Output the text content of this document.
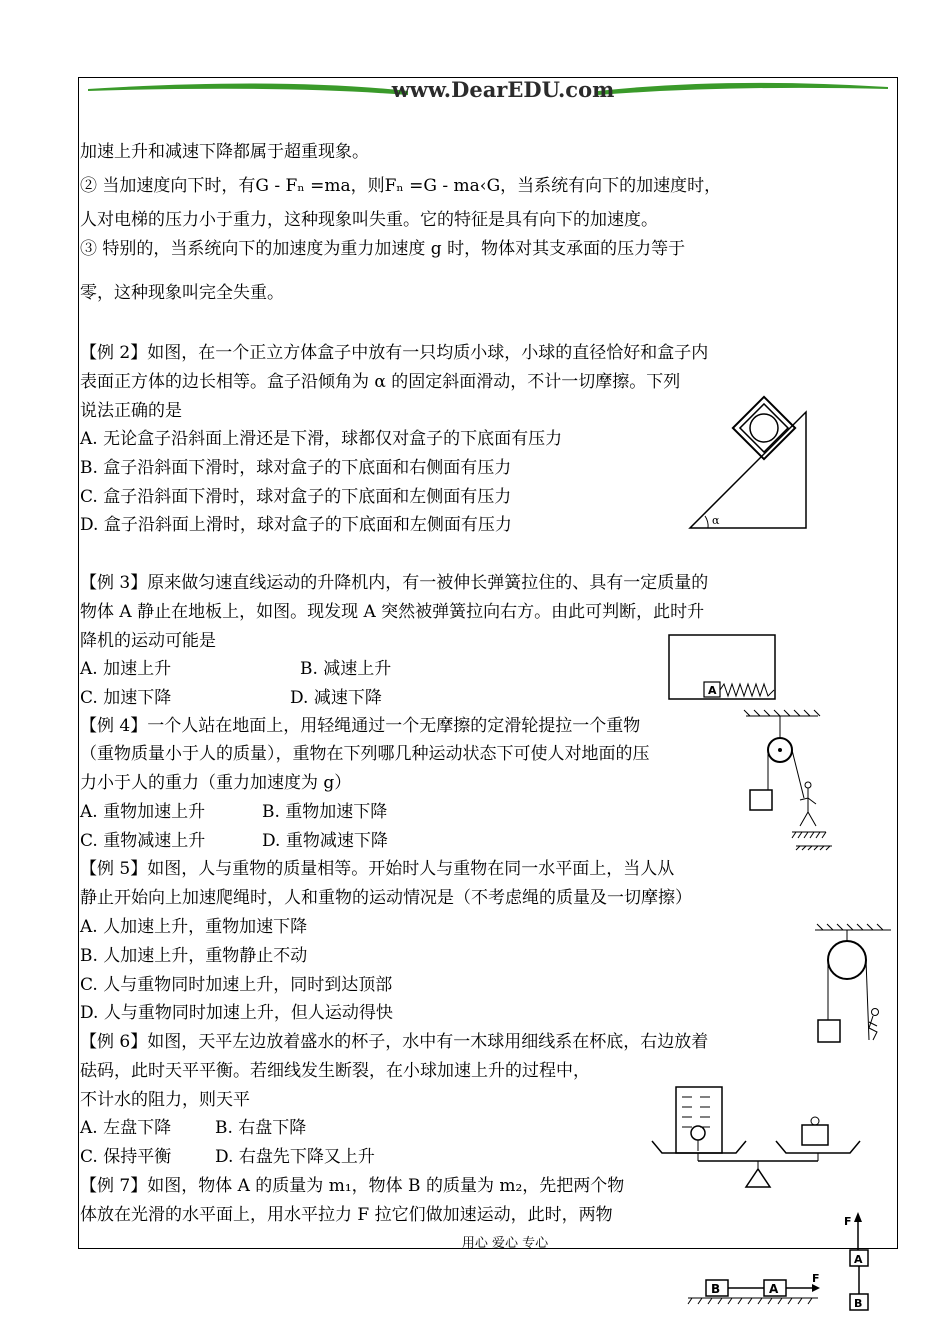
www.DearEDU.com
加速上升和减速下降都属于超重现象。
② 当加速度向下时，有G - Fₙ =ma，则Fₙ =G - ma‹G，当系统有向下的加速度时，
人对电梯的压力小于重力，这种现象叫失重。它的特征是具有向下的加速度。
③ 特别的，当系统向下的加速度为重力加速度 g 时，物体对其支承面的压力等于
零，这种现象叫完全失重。
【例 2】如图，在一个正立方体盒子中放有一只均质小球，小球的直径恰好和盒子内
表面正方体的边长相等。盒子沿倾角为 α 的固定斜面滑动，不计一切摩擦。下列
说法正确的是
A. 无论盒子沿斜面上滑还是下滑，球都仅对盒子的下底面有压力
B. 盒子沿斜面下滑时，球对盒子的下底面和右侧面有压力
C. 盒子沿斜面下滑时，球对盒子的下底面和左侧面有压力
D. 盒子沿斜面上滑时，球对盒子的下底面和左侧面有压力
【例 3】原来做匀速直线运动的升降机内，有一被伸长弹簧拉住的、具有一定质量的
物体 A 静止在地板上，如图。现发现 A 突然被弹簧拉向右方。由此可判断，此时升
降机的运动可能是
A. 加速上升	B. 减速上升
C. 加速下降	D. 减速下降
【例 4】一个人站在地面上，用轻绳通过一个无摩擦的定滑轮提拉一个重物
（重物质量小于人的质量），重物在下列哪几种运动状态下可使人对地面的压
力小于人的重力（重力加速度为 g）
A. 重物加速上升	B. 重物加速下降
C. 重物减速上升	D. 重物减速下降
【例 5】如图，人与重物的质量相等。开始时人与重物在同一水平面上，当人从
静止开始向上加速爬绳时，人和重物的运动情况是（不考虑绳的质量及一切摩擦）
A. 人加速上升，重物加速下降
B. 人加速上升，重物静止不动
C. 人与重物同时加速上升，同时到达顶部
D. 人与重物同时加速上升，但人运动得快
【例 6】如图，天平左边放着盛水的杯子，水中有一木球用细线系在杯底，右边放着
砝码，此时天平平衡。若细线发生断裂，在小球加速上升的过程中，
不计水的阻力，则天平
A. 左盘下降	B. 右盘下降
C. 保持平衡	D. 右盘先下降又上升
【例 7】如图，物体 A 的质量为 m₁，物体 B 的质量为 m₂，先把两个物
体放在光滑的水平面上，用水平拉力 F 拉它们做加速运动，此时，两物
用心 爱心 专心
α
A
B	A
F
F
A
B
